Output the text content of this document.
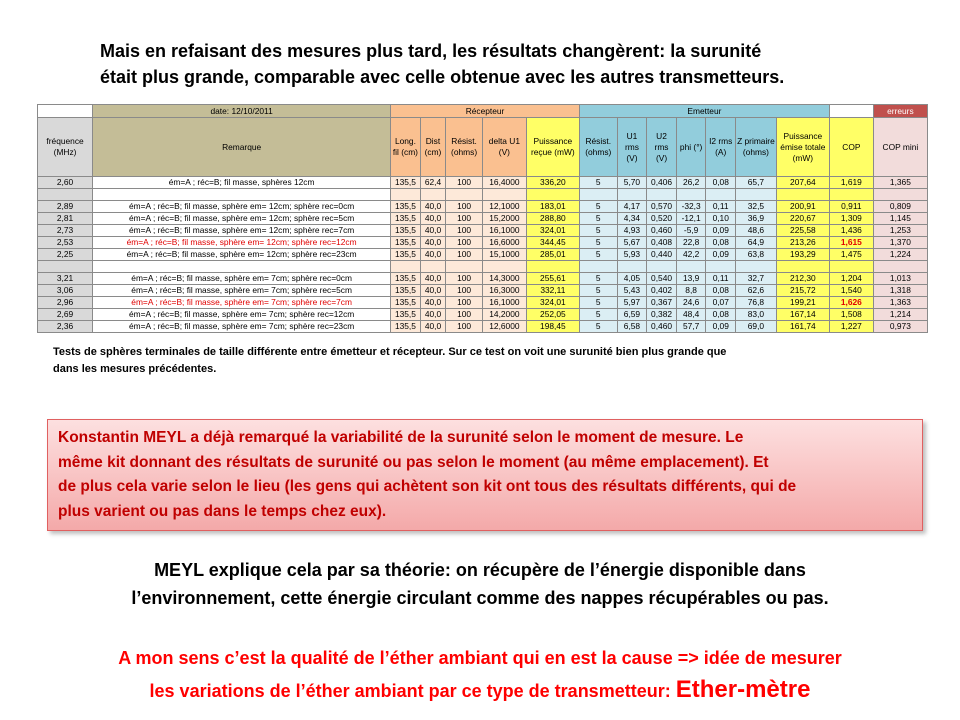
Mais en refaisant des mesures plus tard, les résultats changèrent: la surunité
était plus grande, comparable avec celle obtenue avec les autres transmetteurs.
	date: 12/10/2011	Récepteur					Emetteur								erreurs
fréquence (MHz)	Remarque	Long. fil (cm)	Dist (cm)	Résist. (ohms)	delta U1 (V)	Puissance reçue (mW)	Résist. (ohms)	U1 rms (V)	U2 rms (V)	phi (°)	I2 rms (A)	Z primaire (ohms)	Puissance émise totale (mW)	COP	COP mini
2,60	ém=A ; réc=B; fil masse, sphères 12cm	135,5	62,4	100	16,4000	336,20	5	5,70	0,406	26,2	0,08	65,7	207,64	1,619	1,365

2,89	ém=A ; réc=B; fil masse, sphère em= 12cm; sphère rec=0cm	135,5	40,0	100	12,1000	183,01	5	4,17	0,570	-32,3	0,11	32,5	200,91	0,911	0,809
2,81	ém=A ; réc=B; fil masse, sphère em= 12cm; sphère rec=5cm	135,5	40,0	100	15,2000	288,80	5	4,34	0,520	-12,1	0,10	36,9	220,67	1,309	1,145
2,73	ém=A ; réc=B; fil masse, sphère em= 12cm; sphère rec=7cm	135,5	40,0	100	16,1000	324,01	5	4,93	0,460	-5,9	0,09	48,6	225,58	1,436	1,253
2,53	ém=A ; réc=B; fil masse, sphère em= 12cm; sphère rec=12cm	135,5	40,0	100	16,6000	344,45	5	5,67	0,408	22,8	0,08	64,9	213,26	1,615	1,370
2,25	ém=A ; réc=B; fil masse, sphère em= 12cm; sphère rec=23cm	135,5	40,0	100	15,1000	285,01	5	5,93	0,440	42,2	0,09	63,8	193,29	1,475	1,224

3,21	ém=A ; réc=B; fil masse, sphère em= 7cm; sphère rec=0cm	135,5	40,0	100	14,3000	255,61	5	4,05	0,540	13,9	0,11	32,7	212,30	1,204	1,013
3,06	ém=A ; réc=B; fil masse, sphère em= 7cm; sphère rec=5cm	135,5	40,0	100	16,3000	332,11	5	5,43	0,402	8,8	0,08	62,6	215,72	1,540	1,318
2,96	ém=A ; réc=B; fil masse, sphère em= 7cm; sphère rec=7cm	135,5	40,0	100	16,1000	324,01	5	5,97	0,367	24,6	0,07	76,8	199,21	1,626	1,363
2,69	ém=A ; réc=B; fil masse, sphère em= 7cm; sphère rec=12cm	135,5	40,0	100	14,2000	252,05	5	6,59	0,382	48,4	0,08	83,0	167,14	1,508	1,214
2,36	ém=A ; réc=B; fil masse, sphère em= 7cm; sphère rec=23cm	135,5	40,0	100	12,6000	198,45	5	6,58	0,460	57,7	0,09	69,0	161,74	1,227	0,973
Tests de sphères terminales de taille différente entre émetteur et récepteur. Sur ce test on voit une surunité bien plus grande que
dans les mesures précédentes.

Konstantin MEYL a déjà remarqué la variabilité de la surunité selon le moment de mesure. Le

même kit donnant des résultats de surunité ou pas selon le moment (au même emplacement). Et

de plus cela varie selon le lieu (les gens qui achètent son kit ont tous des résultats différents, qui de

plus varient ou pas dans le temps chez eux).

MEYL explique cela par sa théorie: on récupère de l’énergie disponible dans
l’environnement, cette énergie circulant comme des nappes récupérables ou pas.
A mon sens c’est la qualité de l’éther ambiant qui en est la cause => idée de mesurer
les variations de l’éther ambiant par ce type de transmetteur: Ether-mètre
